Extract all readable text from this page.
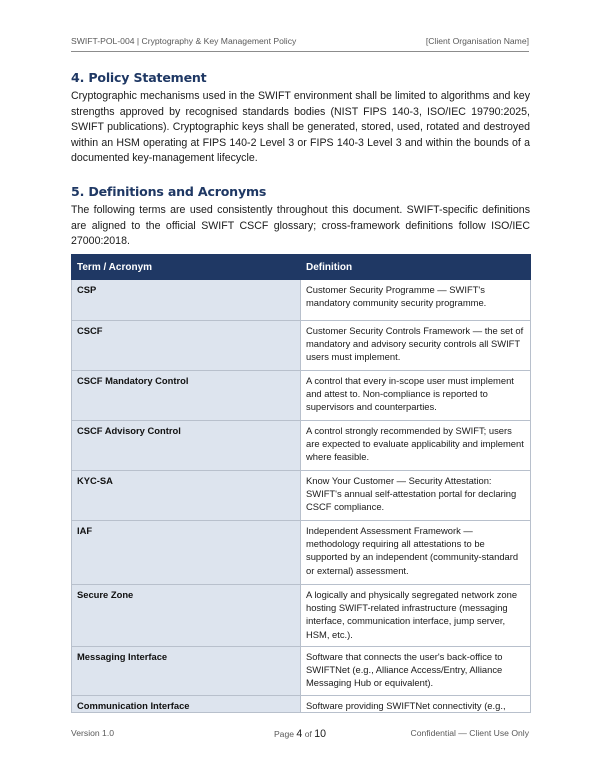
SWIFT-POL-004 | Cryptography & Key Management Policy	[Client Organisation Name]
4. Policy Statement
Cryptographic mechanisms used in the SWIFT environment shall be limited to algorithms and key strengths approved by recognised standards bodies (NIST FIPS 140-3, ISO/IEC 19790:2025, SWIFT publications). Cryptographic keys shall be generated, stored, used, rotated and destroyed within an HSM operating at FIPS 140-2 Level 3 or FIPS 140-3 Level 3 and within the bounds of a documented key-management lifecycle.
5. Definitions and Acronyms
The following terms are used consistently throughout this document. SWIFT-specific definitions are aligned to the official SWIFT CSCF glossary; cross-framework definitions follow ISO/IEC 27000:2018.
Term / Acronym	Definition
CSP	Customer Security Programme — SWIFT's mandatory community security programme.
CSCF	Customer Security Controls Framework — the set of mandatory and advisory security controls all SWIFT users must implement.
CSCF Mandatory Control	A control that every in-scope user must implement and attest to. Non-compliance is reported to supervisors and counterparties.
CSCF Advisory Control	A control strongly recommended by SWIFT; users are expected to evaluate applicability and implement where feasible.
KYC-SA	Know Your Customer — Security Attestation: SWIFT's annual self-attestation portal for declaring CSCF compliance.
IAF	Independent Assessment Framework — methodology requiring all attestations to be supported by an independent (community-standard or external) assessment.
Secure Zone	A logically and physically segregated network zone hosting SWIFT-related infrastructure (messaging interface, communication interface, jump server, HSM, etc.).
Messaging Interface	Software that connects the user's back-office to SWIFTNet (e.g., Alliance Access/Entry, Alliance Messaging Hub or equivalent).
Communication Interface	Software providing SWIFTNet connectivity (e.g.,
Version 1.0	Page 4 of 10	Confidential — Client Use Only
